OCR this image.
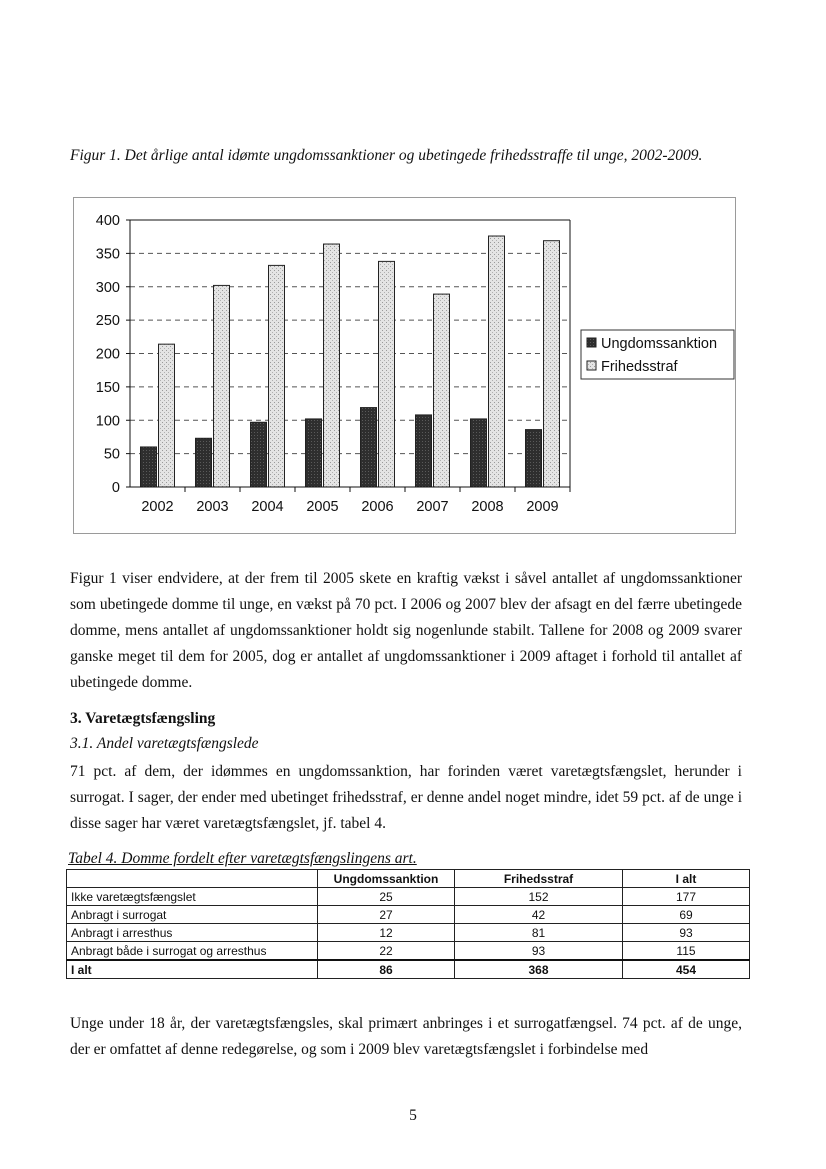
Figur 1. Det årlige antal idømte ungdomssanktioner og ubetingede frihedsstraffe til unge, 2002-2009.
0
50
100
150
200
250
300
350
400
2002 2003 2004 2005 2006 2007 2008 2009
Ungdomssanktion
Frihedsstraf
Figur 1 viser endvidere, at der frem til 2005 skete en kraftig vækst i såvel antallet af ungdomssanktioner som ubetingede domme til unge, en vækst på 70 pct. I 2006 og 2007 blev der afsagt en del færre ubetingede domme, mens antallet af ungdomssanktioner holdt sig nogenlunde stabilt. Tallene for 2008 og 2009 svarer ganske meget til dem for 2005, dog er antallet af ungdomssanktioner i 2009 aftaget i forhold til antallet af ubetingede domme.
3. Varetægtsfængsling
3.1. Andel varetægtsfængslede
71 pct. af dem, der idømmes en ungdomssanktion, har forinden været varetægtsfængslet, herunder i surrogat. I sager, der ender med ubetinget frihedsstraf, er denne andel noget mindre, idet 59 pct. af de unge i disse sager har været varetægtsfængslet, jf. tabel 4.
Tabel 4. Domme fordelt efter varetægtsfængslingens art.
	Ungdomssanktion	Frihedsstraf	I alt
Ikke varetægtsfængslet	25	152	177
Anbragt i surrogat	27	42	69
Anbragt i arresthus	12	81	93
Anbragt både i surrogat og arresthus	22	93	115
I alt	86	368	454
Unge under 18 år, der varetægtsfængsles, skal primært anbringes i et surrogatfængsel. 74 pct. af de unge, der er omfattet af denne redegørelse, og som i 2009 blev varetægtsfængslet i forbindelse med
5
